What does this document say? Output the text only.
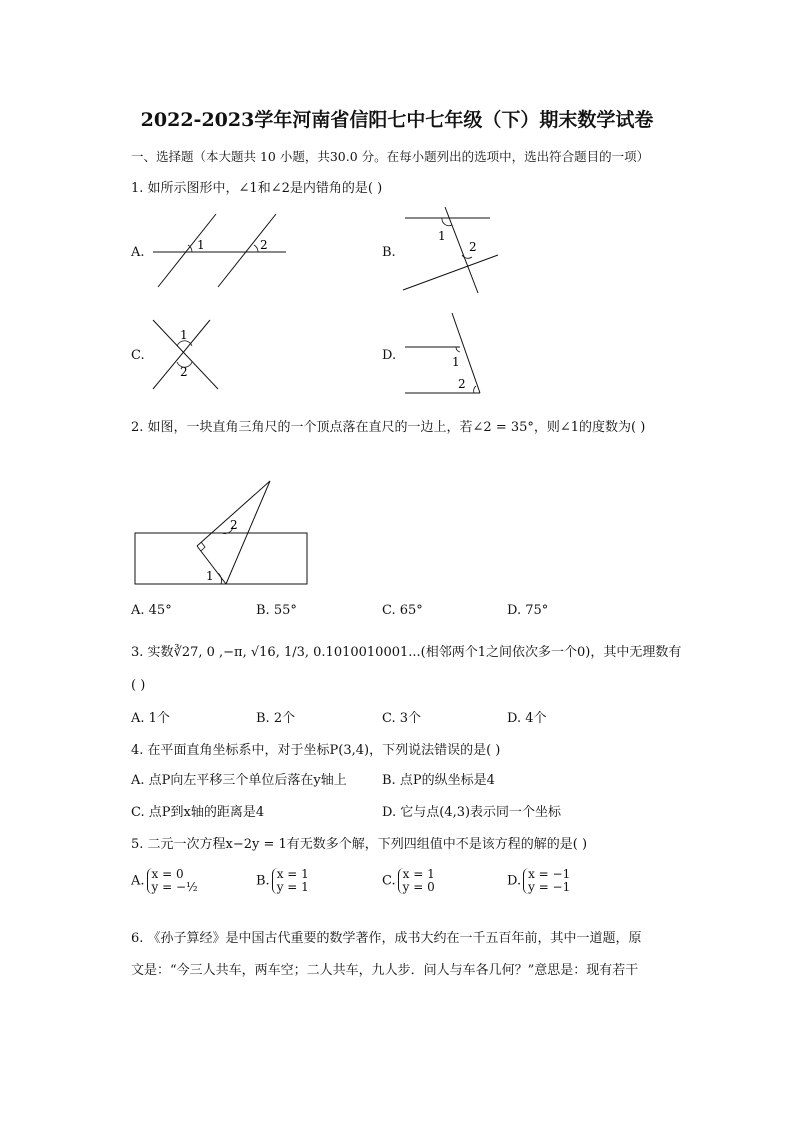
2022-2023学年河南省信阳七中七年级（下）期末数学试卷
一、选择题（本大题共 10 小题，共30.0 分。在每小题列出的选项中，选出符合题目的一项）
1. 如所示图形中，∠1和∠2是内错角的是( )
A.	1	2	B.
1
2
C.
1
2
D.	1
2
2. 如图，一块直角三角尺的一个顶点落在直尺的一边上，若∠2 = 35°，则∠1的度数为( )
2
1
A. 45°	B. 55°	C. 65°	D. 75°
3. 实数∛27, 0 ,−π, √16, 1/3, 0.1010010001...(相邻两个1之间依次多一个0)，其中无理数有
( )
A. 1个	B. 2个	C. 3个	D. 4个
4. 在平面直角坐标系中，对于坐标P(3,4)，下列说法错误的是( )
A. 点P向左平移三个单位后落在y轴上	B. 点P的纵坐标是4
C. 点P到x轴的距离是4	D. 它与点(4,3)表示同一个坐标
5. 二元一次方程x−2y = 1有无数多个解，下列四组值中不是该方程的解的是( )
A. x = 0
y = −½	B. x = 1
y = 1	C. x = 1
y = 0	D. x = −1
y = −1
6. 《孙子算经》是中国古代重要的数学著作，成书大约在一千五百年前，其中一道题，原
文是：“今三人共车，两车空；二人共车，九人步．问人与车各几何？”意思是：现有若干
